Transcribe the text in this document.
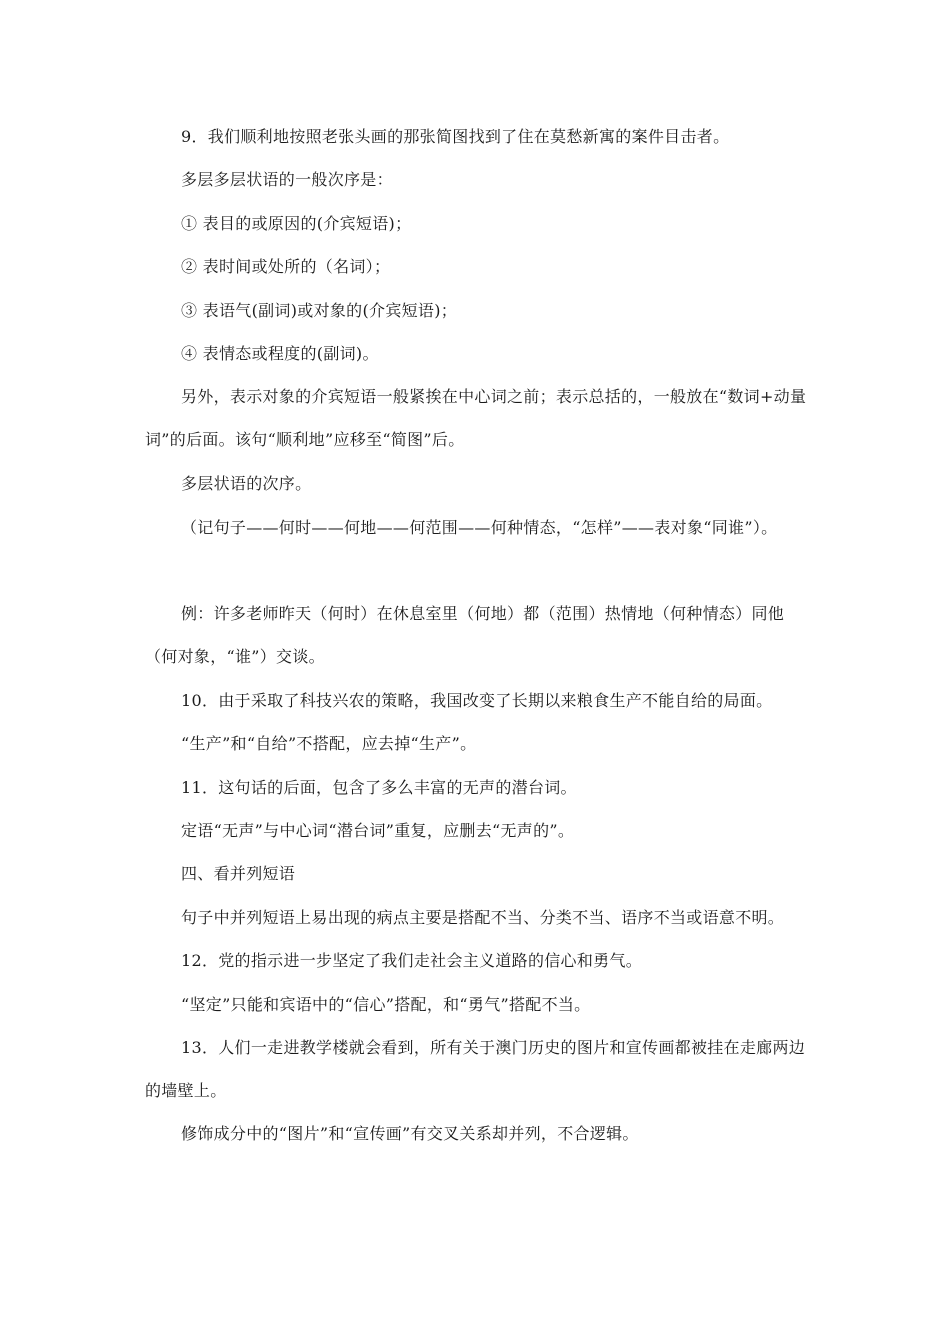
9．我们顺利地按照老张头画的那张简图找到了住在莫愁新寓的案件目击者。

多层多层状语的一般次序是：

① 表目的或原因的(介宾短语)；

② 表时间或处所的（名词）；

③ 表语气(副词)或对象的(介宾短语)；

④ 表情态或程度的(副词)。

另外，表示对象的介宾短语一般紧挨在中心词之前；表示总括的，一般放在“数词+动量词”的后面。该句“顺利地”应移至“简图”后。

多层状语的次序。

（记句子——何时——何地——何范围——何种情态，“怎样”——表对象“同谁”）。

例：许多老师昨天（何时）在休息室里（何地）都（范围）热情地（何种情态）同他（何对象，“谁”）交谈。

10．由于采取了科技兴农的策略，我国改变了长期以来粮食生产不能自给的局面。

“生产”和“自给”不搭配，应去掉“生产”。

11．这句话的后面，包含了多么丰富的无声的潜台词。

定语“无声”与中心词“潜台词”重复，应删去“无声的”。

四、看并列短语

句子中并列短语上易出现的病点主要是搭配不当、分类不当、语序不当或语意不明。

12．党的指示进一步坚定了我们走社会主义道路的信心和勇气。

“坚定”只能和宾语中的“信心”搭配，和“勇气”搭配不当。

13．人们一走进教学楼就会看到，所有关于澳门历史的图片和宣传画都被挂在走廊两边的墙壁上。

修饰成分中的“图片”和“宣传画”有交叉关系却并列，不合逻辑。
